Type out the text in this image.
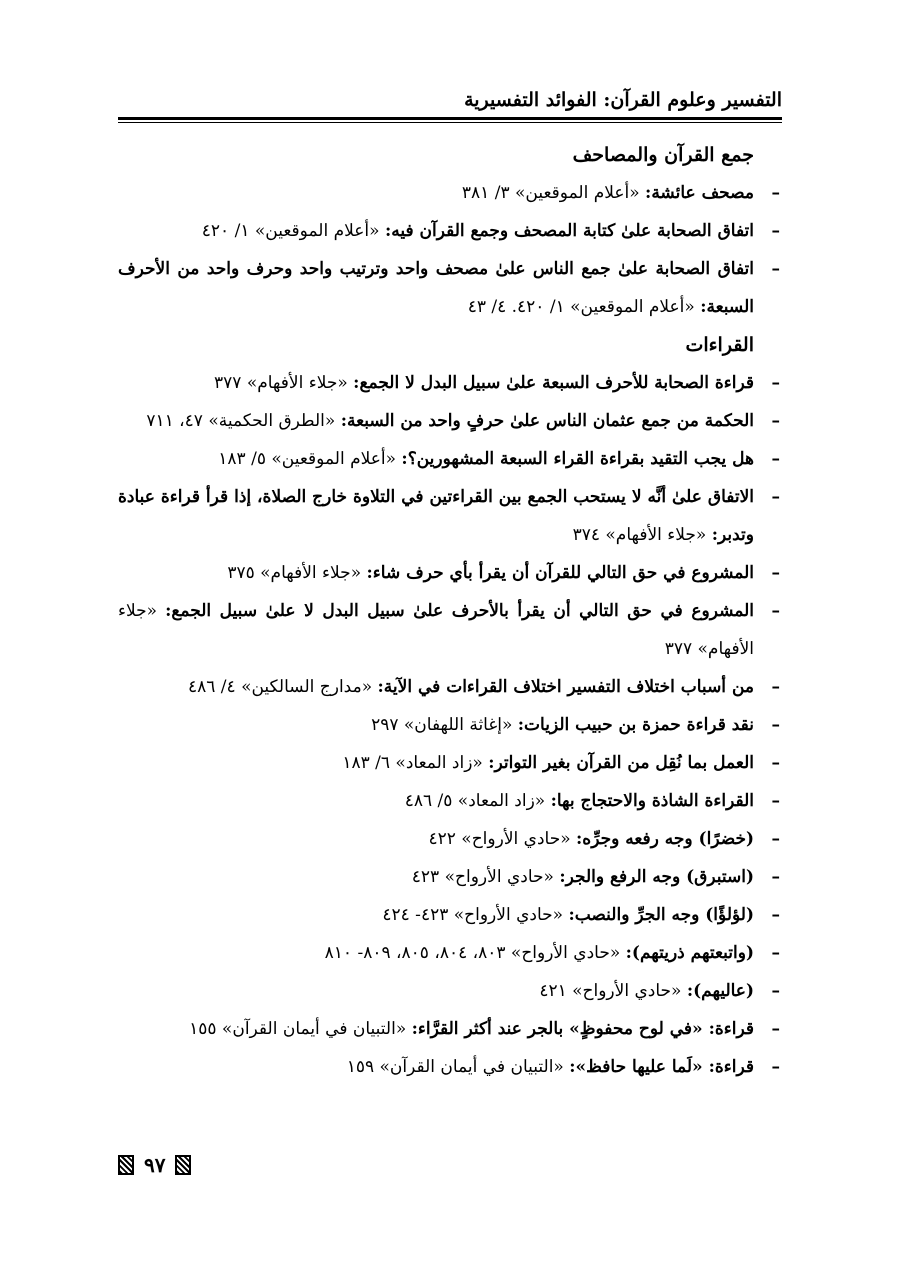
التفسير وعلوم القرآن: الفوائد التفسيرية
جمع القرآن والمصاحف
–
مصحف عائشة: «أعلام الموقعين» ٣/ ٣٨١
–
اتفاق الصحابة علىٰ كتابة المصحف وجمع القرآن فيه: «أعلام الموقعين» ١/ ٤٢٠
–
اتفاق الصحابة علىٰ جمع الناس علىٰ مصحف واحد وترتيب واحد وحرف واحد من الأحرف السبعة: «أعلام الموقعين» ١/ ٤٢٠. ٤/ ٤٣
القراءات
–
قراءة الصحابة للأحرف السبعة علىٰ سبيل البدل لا الجمع: «جلاء الأفهام» ٣٧٧
–
الحكمة من جمع عثمان الناس علىٰ حرفٍ واحد من السبعة: «الطرق الحكمية» ٤٧، ٧١١
–
هل يجب التقيد بقراءة القراء السبعة المشهورين؟: «أعلام الموقعين» ٥/ ١٨٣
–
الاتفاق علىٰ أنَّه لا يستحب الجمع بين القراءتين في التلاوة خارج الصلاة، إذا قرأ قراءة عبادة وتدبر: «جلاء الأفهام» ٣٧٤
–
المشروع في حق التالي للقرآن أن يقرأ بأي حرف شاء: «جلاء الأفهام» ٣٧٥
–
المشروع في حق التالي أن يقرأ بالأحرف علىٰ سبيل البدل لا علىٰ سبيل الجمع: «جلاء الأفهام» ٣٧٧
–
من أسباب اختلاف التفسير اختلاف القراءات في الآية: «مدارج السالكين» ٤/ ٤٨٦
–
نقد قراءة حمزة بن حبيب الزيات: «إغاثة اللهفان» ٢٩٧
–
العمل بما نُقِل من القرآن بغير التواتر: «زاد المعاد» ٦/ ١٨٣
–
القراءة الشاذة والاحتجاج بها: «زاد المعاد» ٥/ ٤٨٦
–
(خضرًا) وجه رفعه وجرِّه: «حادي الأرواح» ٤٢٢
–
(استبرق) وجه الرفع والجر: «حادي الأرواح» ٤٢٣
–
(لؤلؤًا) وجه الجرِّ والنصب: «حادي الأرواح» ٤٢٣- ٤٢٤
–
(واتبعتهم ذريتهم): «حادي الأرواح» ٨٠٣، ٨٠٤، ٨٠٥، ٨٠٩- ٨١٠
–
(عاليهم): «حادي الأرواح» ٤٢١
–
قراءة: «في لوح محفوظٍ» بالجر عند أكثر القرَّاء: «التبيان في أيمان القرآن» ١٥٥
–
قراءة: «لَما عليها حافظ»: «التبيان في أيمان القرآن» ١٥٩
٩٧
